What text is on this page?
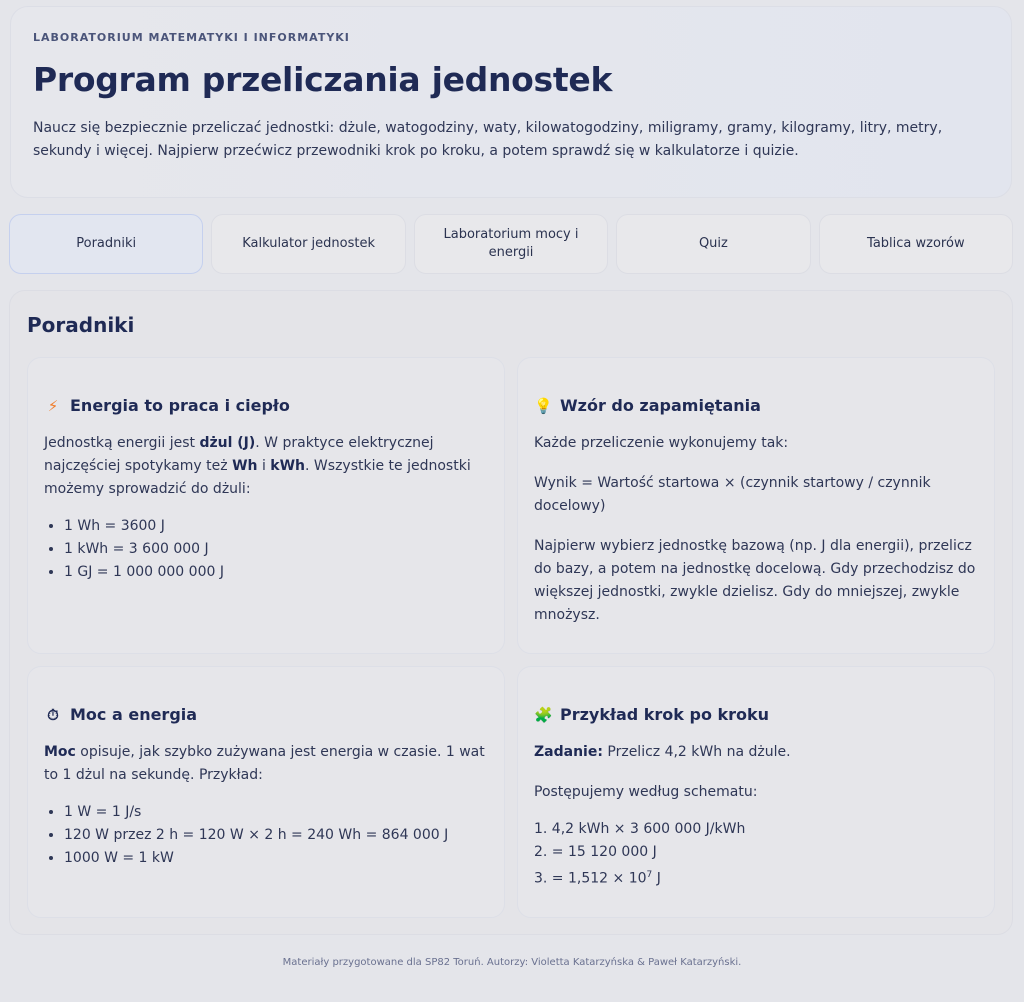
LABORATORIUM MATEMATYKI I INFORMATYKI
Program przeliczania jednostek

Naucz się bezpiecznie przeliczać jednostki: dżule, watogodziny, waty, kilowatogodziny, miligramy, gramy, kilogramy, litry, metry, sekundy i więcej. Najpierw przećwicz przewodniki krok po kroku, a potem sprawdź się w kalkulatorze i quizie.

Poradniki	Kalkulator jednostek
Laboratorium mocy i energii
Quiz	Tablica wzorów
Poradniki
⚡ Energia to praca i ciepło

Jednostką energii jest dżul (J). W praktyce elektrycznej najczęściej spotykamy też Wh i kWh. Wszystkie te jednostki możemy sprowadzić do dżuli:

• 1 Wh = 3600 J
• 1 kWh = 3 600 000 J
• 1 GJ = 1 000 000 000 J
💡 Wzór do zapamiętania

Każde przeliczenie wykonujemy tak:

Wynik = Wartość startowa × (czynnik startowy / czynnik docelowy)

Najpierw wybierz jednostkę bazową (np. J dla energii), przelicz do bazy, a potem na jednostkę docelową. Gdy przechodzisz do większej jednostki, zwykle dzielisz. Gdy do mniejszej, zwykle mnożysz.

⏱ Moc a energia

Moc opisuje, jak szybko zużywana jest energia w czasie. 1 wat to 1 dżul na sekundę. Przykład:

• 1 W = 1 J/s
• 120 W przez 2 h = 120 W × 2 h = 240 Wh = 864 000 J
• 1000 W = 1 kW
🧩 Przykład krok po kroku

Zadanie: Przelicz 4,2 kWh na dżule.

Postępujemy według schematu:

1. 4,2 kWh × 3 600 000 J/kWh
2. = 15 120 000 J
3. = $1,512 \times 10^7$ J
Materiały przygotowane dla SP82 Toruń. Autorzy: Violetta Katarzyńska & Paweł Katarzyński.
